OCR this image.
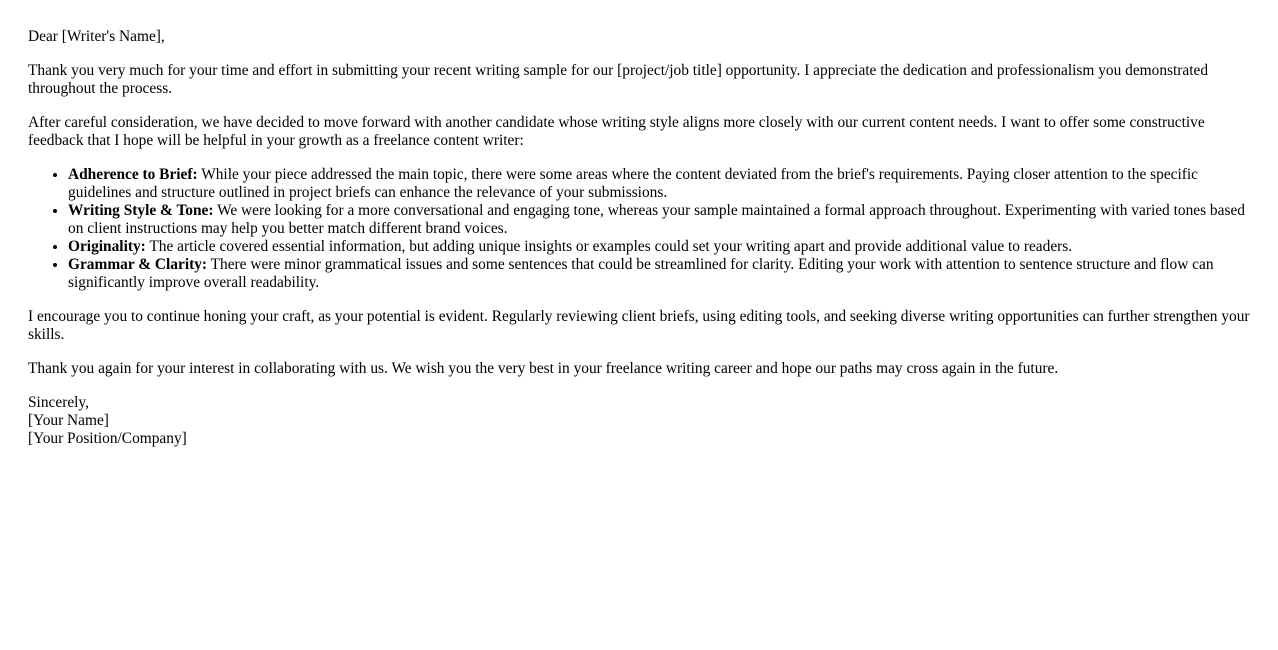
Dear [Writer's Name],

Thank you very much for your time and effort in submitting your recent writing sample for our [project/job title] opportunity. I appreciate the dedication and professionalism you demonstrated throughout the process.

After careful consideration, we have decided to move forward with another candidate whose writing style aligns more closely with our current content needs. I want to offer some constructive feedback that I hope will be helpful in your growth as a freelance content writer:

• Adherence to Brief: While your piece addressed the main topic, there were some areas where the content deviated from the brief's requirements. Paying closer attention to the specific guidelines and structure outlined in project briefs can enhance the relevance of your submissions.
• Writing Style & Tone: We were looking for a more conversational and engaging tone, whereas your sample maintained a formal approach throughout. Experimenting with varied tones based on client instructions may help you better match different brand voices.
• Originality: The article covered essential information, but adding unique insights or examples could set your writing apart and provide additional value to readers.
• Grammar & Clarity: There were minor grammatical issues and some sentences that could be streamlined for clarity. Editing your work with attention to sentence structure and flow can significantly improve overall readability.

I encourage you to continue honing your craft, as your potential is evident. Regularly reviewing client briefs, using editing tools, and seeking diverse writing opportunities can further strengthen your skills.

Thank you again for your interest in collaborating with us. We wish you the very best in your freelance writing career and hope our paths may cross again in the future.

Sincerely,
[Your Name]
[Your Position/Company]
